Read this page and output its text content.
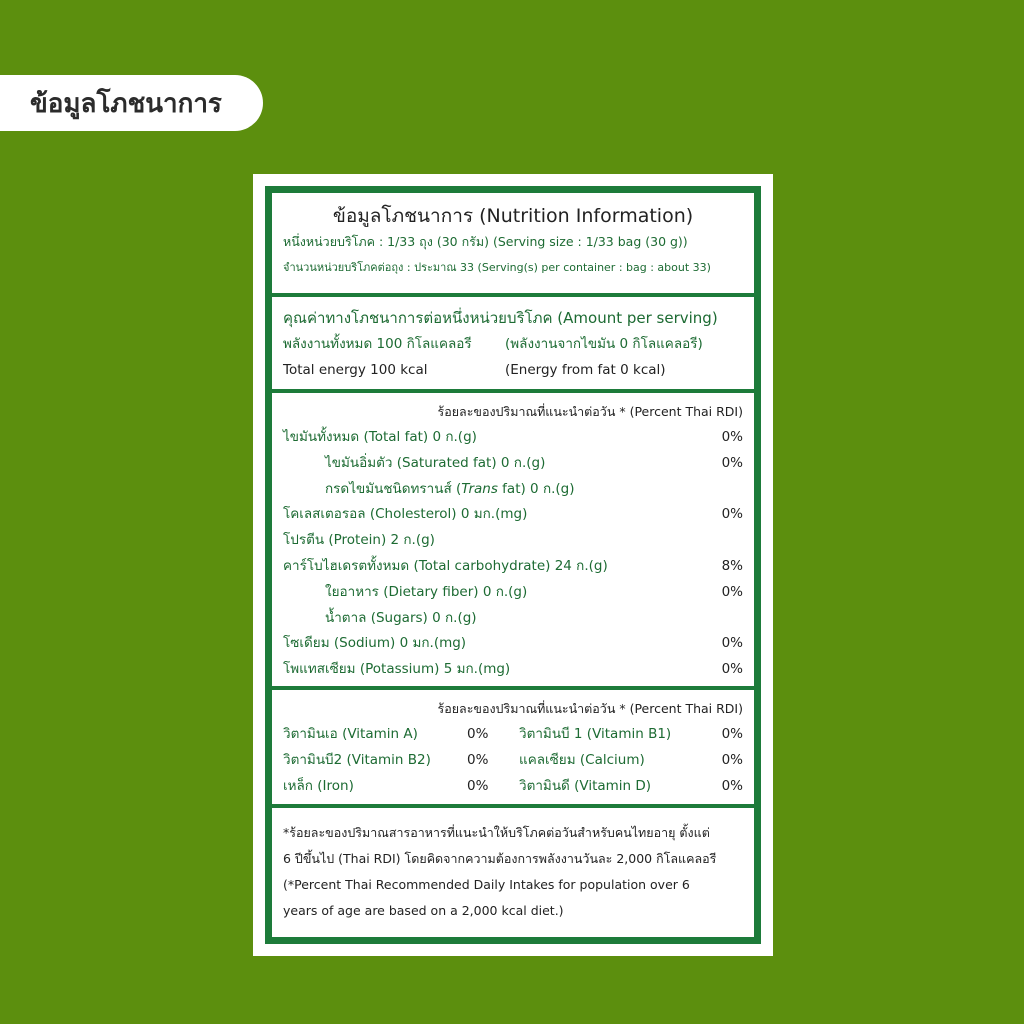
ข้อมูลโภชนาการ
ข้อมูลโภชนาการ (Nutrition Information)
หนึ่งหน่วยบริโภค : 1/33 ถุง (30 กรัม) (Serving size : 1/33 bag (30 g))
จำนวนหน่วยบริโภคต่อถุง : ประมาณ 33 (Serving(s) per container : bag : about 33)
คุณค่าทางโภชนาการต่อหนึ่งหน่วยบริโภค (Amount per serving)
พลังงานทั้งหมด 100 กิโลแคลอรี	(พลังงานจากไขมัน 0 กิโลแคลอรี)
Total energy 100 kcal	(Energy from fat 0 kcal)
ร้อยละของปริมาณที่แนะนำต่อวัน * (Percent Thai RDI)
ไขมันทั้งหมด (Total fat) 0 ก.(g)	0%
ไขมันอิ่มตัว (Saturated fat) 0 ก.(g)	0%
กรดไขมันชนิดทรานส์ (Trans fat) 0 ก.(g)
โคเลสเตอรอล (Cholesterol) 0 มก.(mg)	0%
โปรตีน (Protein) 2 ก.(g)
คาร์โบไฮเดรตทั้งหมด (Total carbohydrate) 24 ก.(g)	8%
ใยอาหาร (Dietary fiber) 0 ก.(g)	0%
น้ำตาล (Sugars) 0 ก.(g)
โซเดียม (Sodium) 0 มก.(mg)	0%
โพแทสเซียม (Potassium) 5 มก.(mg)	0%
ร้อยละของปริมาณที่แนะนำต่อวัน * (Percent Thai RDI)
วิตามินเอ (Vitamin A)	0%	วิตามินบี 1 (Vitamin B1)	0%
วิตามินบี2 (Vitamin B2)	0%	แคลเซียม (Calcium)	0%
เหล็ก (Iron)	0%	วิตามินดี (Vitamin D)	0%

*ร้อยละของปริมาณสารอาหารที่แนะนำให้บริโภคต่อวันสำหรับคนไทยอายุ ตั้งแต่

6 ปีขึ้นไป (Thai RDI) โดยคิดจากความต้องการพลังงานวันละ 2,000 กิโลแคลอรี

(*Percent Thai Recommended Daily Intakes for population over 6

years of age are based on a 2,000 kcal diet.)
